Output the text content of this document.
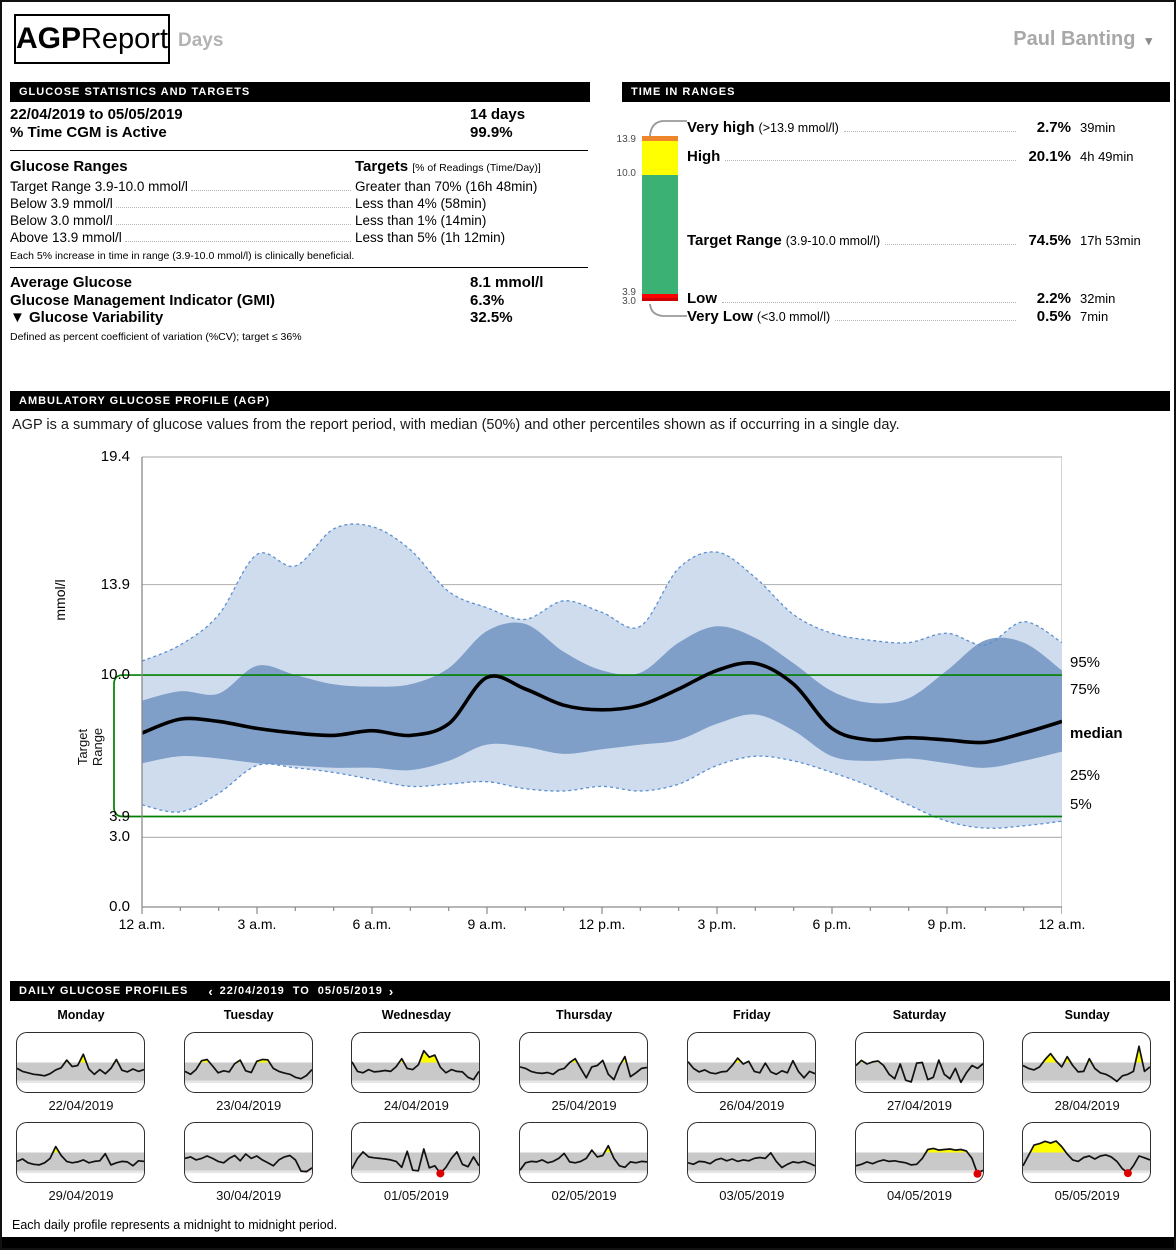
AGP Report Days	Paul Banting ▾
GLUCOSE STATISTICS AND TARGETS
22/04/2019 to 05/05/2019	14 days
% Time CGM is Active	99.9%
Glucose Ranges	Targets [% of Readings (Time/Day)]
Target Range 3.9-10.0 mmol/l	Greater than 70% (16h 48min)
Below 3.9 mmol/l	Less than 4% (58min)
Below 3.0 mmol/l	Less than 1% (14min)
Above 13.9 mmol/l	Less than 5% (1h 12min)
Each 5% increase in time in range (3.9-10.0 mmol/l) is clinically beneficial.
Average Glucose	8.1 mmol/l
Glucose Management Indicator (GMI)	6.3%
▼ Glucose Variability	32.5%
Defined as percent coefficient of variation (%CV); target ≤ 36%
TIME IN RANGES
13.9
10.0
3.9
3.0
Very high (>13.9 mmol/l)	2.7% 39min
High	20.1% 4h 49min
Target Range (3.9-10.0 mmol/l)	74.5% 17h 53min
Low	2.2% 32min
Very Low (<3.0 mmol/l)	0.5% 7min
AMBULATORY GLUCOSE PROFILE (AGP)
AGP is a summary of glucose values from the report period, with median (50%) and other percentiles shown as if occurring in a single day.
mmol/l
Target Range
19.4
13.9
10.0
3.9
3.0
0.0
12 a.m.	3 a.m.	6 a.m.	9 a.m.	12 p.m.	3 p.m.	6 p.m.	9 p.m.	12 a.m.
95%
75%
median
25%
5%
DAILY GLUCOSE PROFILES	‹ 22/04/2019 TO 05/05/2019 ›
Monday	Tuesday	Wednesday	Thursday	Friday	Saturday	Sunday
22/04/2019	23/04/2019	24/04/2019	25/04/2019	26/04/2019	27/04/2019	28/04/2019
29/04/2019	30/04/2019	01/05/2019	02/05/2019	03/05/2019	04/05/2019	05/05/2019
Each daily profile represents a midnight to midnight period.
